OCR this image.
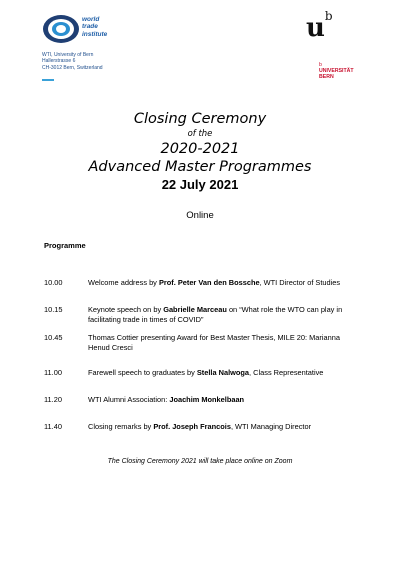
world
trade
institute
WTI, University of Bern
Hallerstrasse 6
CH-3012 Bern, Switzerland
$u^b$
b
UNIVERSITÄT
BERN
Closing Ceremony
of the
2020-2021
Advanced Master Programmes
22 July 2021
Online
Programme
10.00	Welcome address by Prof. Peter Van den Bossche, WTI Director of Studies
10.15	Keynote speech on by Gabrielle Marceau on “What role the WTO can play in facilitating trade in times of COVID”
10.45	Thomas Cottier presenting Award for Best Master Thesis, MILE 20: Marianna Henud Cresci
11.00	Farewell speech to graduates by Stella Nalwoga, Class Representative
11.20	WTI Alumni Association: Joachim Monkelbaan
11.40	Closing remarks by Prof. Joseph Francois, WTI Managing Director
The Closing Ceremony 2021 will take place online on Zoom
